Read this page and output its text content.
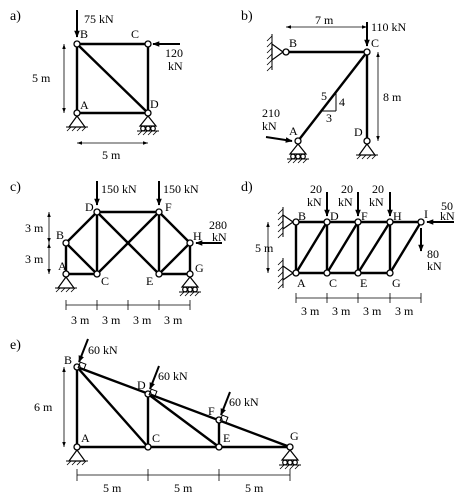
a)
B	C
A	D
75 kN
120
kN
5 m
5 m
b)
B	C
A	D
110 kN
210
kN
7 m
8 m
5 4
3
c)
D	F
B	H
A
C	E
G
150 kN 150 kN
280
kN
3 m
3 m
3 m 3 m 3 m 3 m
d)
B D F H I
A C E G
20
kN
20
kN
20
kN	50
kN
80
kN
5 m
3 m 3 m 3 m 3 m
e)
B
D
F
A	C	E	G
60 kN
60 kN
60 kN
6 m
5 m	5 m	5 m
